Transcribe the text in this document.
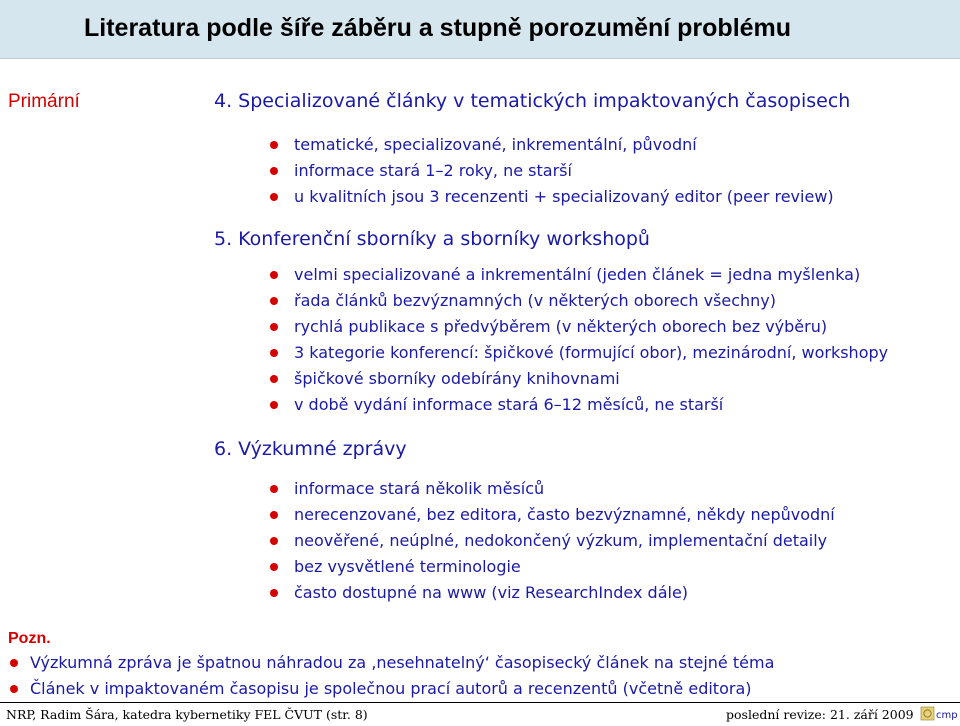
Literatura podle šíře záběru a stupně porozumění problému
Primární	4. Specializované články v tematických impaktovaných časopisech
tematické, specializované, inkrementální, původní
informace stará 1–2 roky, ne starší
u kvalitních jsou 3 recenzenti + specializovaný editor (peer review)
5. Konferenční sborníky a sborníky workshopů
velmi specializované a inkrementální (jeden článek = jedna myšlenka)
řada článků bezvýznamných (v některých oborech všechny)
rychlá publikace s předvýběrem (v některých oborech bez výběru)
3 kategorie konferencí: špičkové (formující obor), mezinárodní, workshopy
špičkové sborníky odebírány knihovnami
v době vydání informace stará 6–12 měsíců, ne starší
6. Výzkumné zprávy
informace stará několik měsíců
nerecenzované, bez editora, často bezvýznamné, někdy nepůvodní
neověřené, neúplné, nedokončený výzkum, implementační detaily
bez vysvětlené terminologie
často dostupné na www (viz ResearchIndex dále)
Pozn.
Výzkumná zpráva je špatnou náhradou za ‚nesehnatelný‘ časopisecký článek na stejné téma
Článek v impaktovaném časopisu je společnou prací autorů a recenzentů (včetně editora)
NRP, Radim Šára, katedra kybernetiky FEL ČVUT (str. 8)	poslední revize: 21. září 2009 cmp
